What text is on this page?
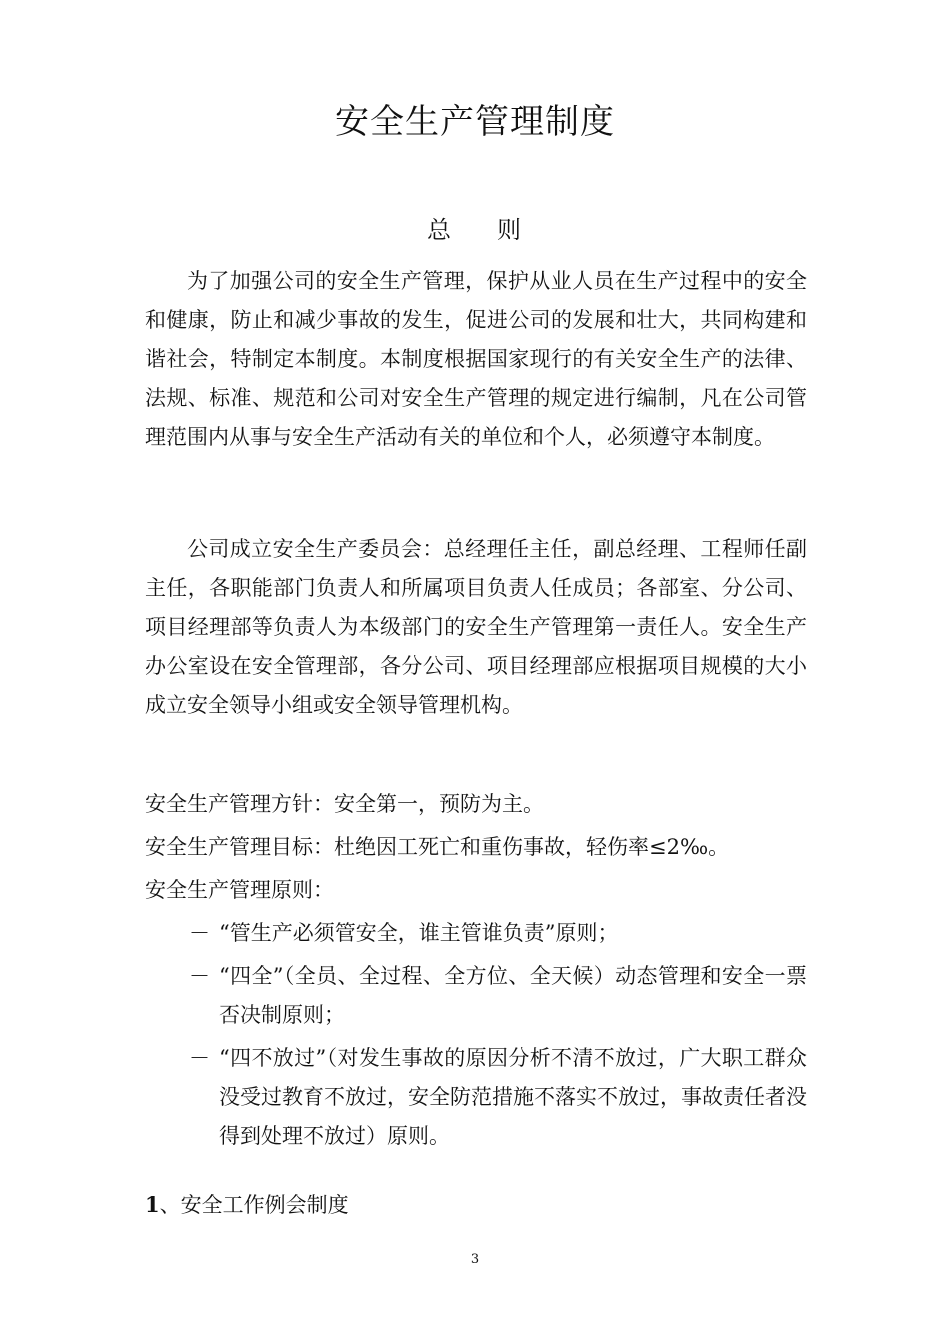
安全生产管理制度
总 则

为了加强公司的安全生产管理，保护从业人员在生产过程中的安全和健康，防止和减少事故的发生，促进公司的发展和壮大，共同构建和谐社会，特制定本制度。本制度根据国家现行的有关安全生产的法律、法规、标准、规范和公司对安全生产管理的规定进行编制，凡在公司管理范围内从事与安全生产活动有关的单位和个人，必须遵守本制度。

公司成立安全生产委员会：总经理任主任，副总经理、工程师任副主任，各职能部门负责人和所属项目负责人任成员；各部室、分公司、项目经理部等负责人为本级部门的安全生产管理第一责任人。安全生产办公室设在安全管理部，各分公司、项目经理部应根据项目规模的大小成立安全领导小组或安全领导管理机构。

安全生产管理方针：安全第一，预防为主。
安全生产管理目标：杜绝因工死亡和重伤事故，轻伤率≤2‰。
安全生产管理原则：
－ “管生产必须管安全，谁主管谁负责”原则；
－ “四全”（全员、全过程、全方位、全天候）动态管理和安全一票否决制原则；
－ “四不放过”（对发生事故的原因分析不清不放过，广大职工群众没受过教育不放过，安全防范措施不落实不放过，事故责任者没得到处理不放过）原则。
1、安全工作例会制度
3
